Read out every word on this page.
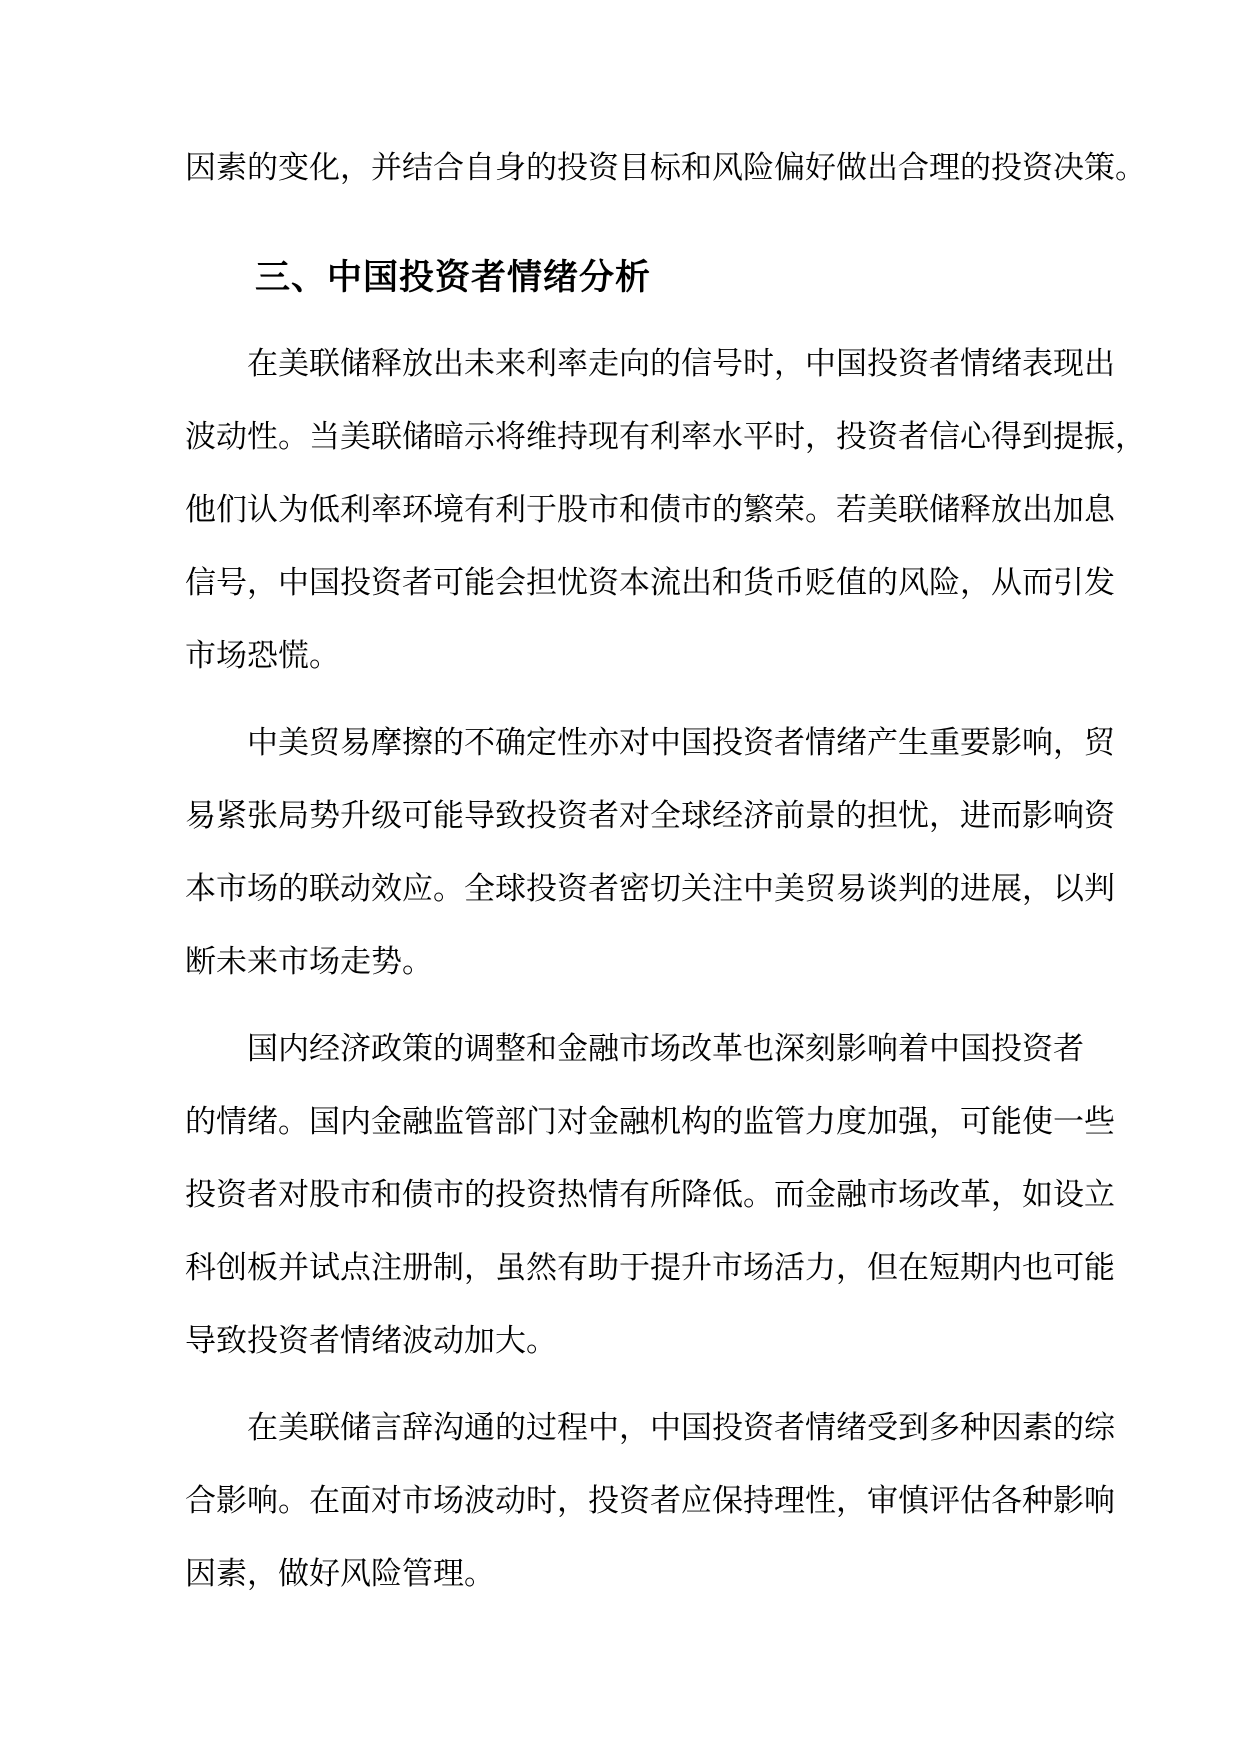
因素的变化，并结合自身的投资目标和风险偏好做出合理的投资决策。
三、中国投资者情绪分析
在美联储释放出未来利率走向的信号时，中国投资者情绪表现出
波动性。当美联储暗示将维持现有利率水平时，投资者信心得到提振，
他们认为低利率环境有利于股市和债市的繁荣。若美联储释放出加息
信号，中国投资者可能会担忧资本流出和货币贬值的风险，从而引发
市场恐慌。
中美贸易摩擦的不确定性亦对中国投资者情绪产生重要影响，贸
易紧张局势升级可能导致投资者对全球经济前景的担忧，进而影响资
本市场的联动效应。全球投资者密切关注中美贸易谈判的进展，以判
断未来市场走势。
国内经济政策的调整和金融市场改革也深刻影响着中国投资者
的情绪。国内金融监管部门对金融机构的监管力度加强，可能使一些
投资者对股市和债市的投资热情有所降低。而金融市场改革，如设立
科创板并试点注册制，虽然有助于提升市场活力，但在短期内也可能
导致投资者情绪波动加大。
在美联储言辞沟通的过程中，中国投资者情绪受到多种因素的综
合影响。在面对市场波动时，投资者应保持理性，审慎评估各种影响
因素，做好风险管理。
